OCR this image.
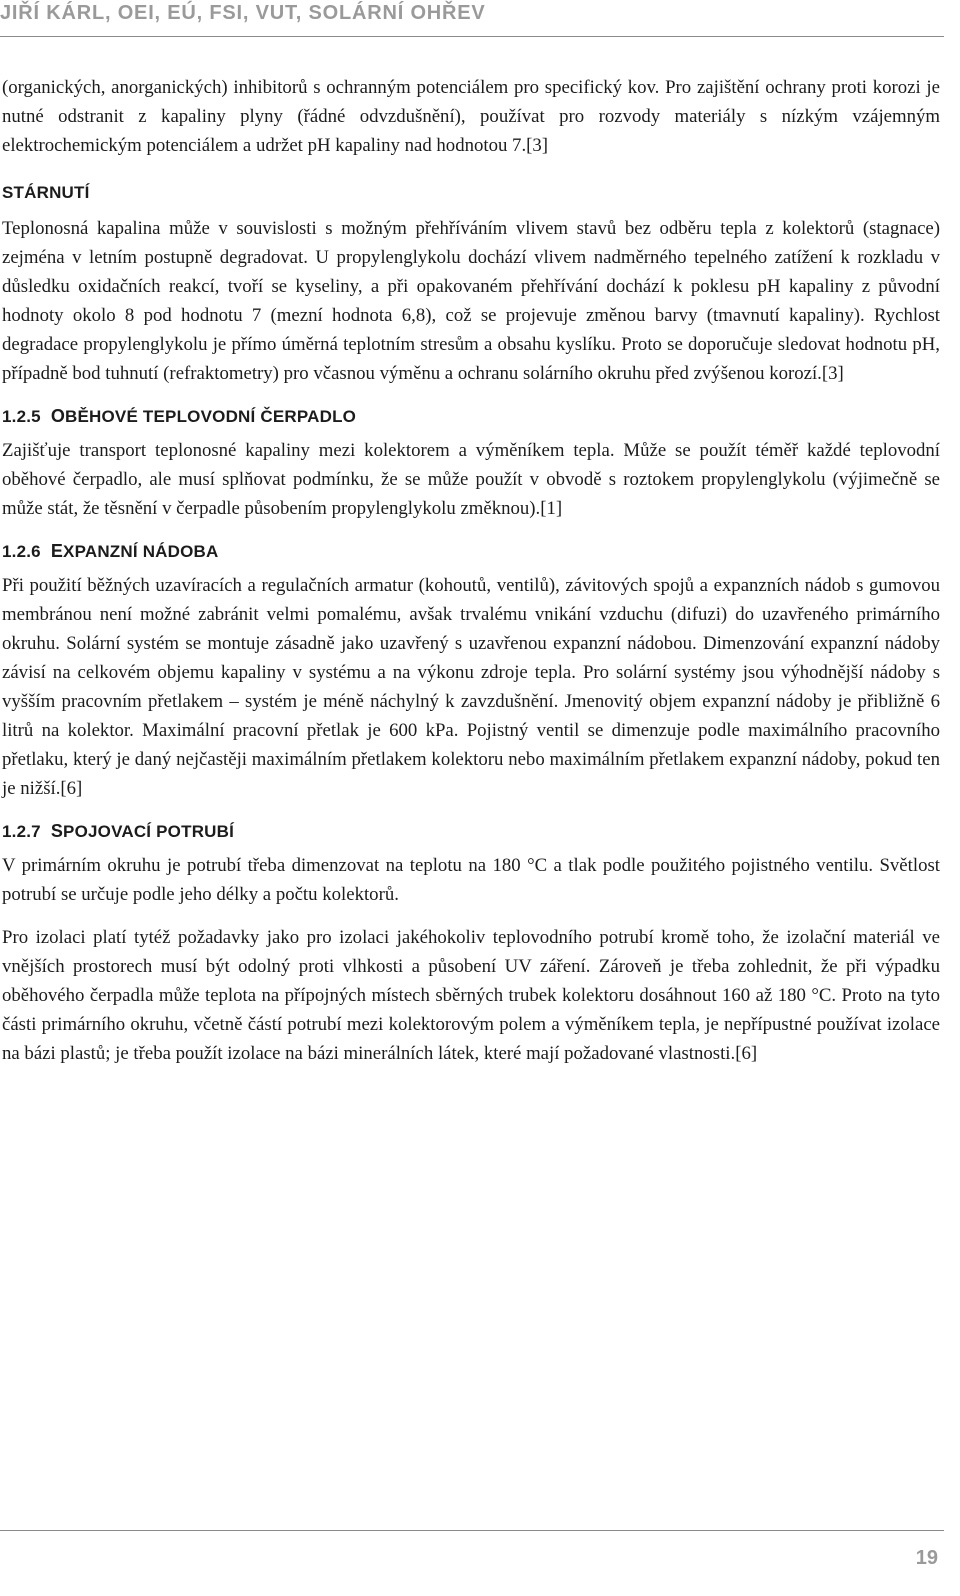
JIŘÍ KÁRL, OEI, EÚ, FSI, VUT, SOLÁRNÍ OHŘEV

(organických, anorganických) inhibitorů s ochranným potenciálem pro specifický kov. Pro zajištění ochrany proti korozi je nutné odstranit z kapaliny plyny (řádné odvzdušnění), používat pro rozvody materiály s nízkým vzájemným elektrochemickým potenciálem a udržet pH kapaliny nad hodnotou 7.[3]

STÁRNUTÍ

Teplonosná kapalina může v souvislosti s možným přehříváním vlivem stavů bez odběru tepla z kolektorů (stagnace) zejména v letním postupně degradovat. U propylenglykolu dochází vlivem nadměrného tepelného zatížení k rozkladu v důsledku oxidačních reakcí, tvoří se kyseliny, a při opakovaném přehřívání dochází k poklesu pH kapaliny z původní hodnoty okolo 8 pod hodnotu 7 (mezní hodnota 6,8), což se projevuje změnou barvy (tmavnutí kapaliny). Rychlost degradace propylenglykolu je přímo úměrná teplotním stresům a obsahu kyslíku. Proto se doporučuje sledovat hodnotu pH, případně bod tuhnutí (refraktometry) pro včasnou výměnu a ochranu solárního okruhu před zvýšenou korozí.[3]

1.2.5 OBĚHOVÉ TEPLOVODNÍ ČERPADLO

Zajišťuje transport teplonosné kapaliny mezi kolektorem a výměníkem tepla. Může se použít téměř každé teplovodní oběhové čerpadlo, ale musí splňovat podmínku, že se může použít v obvodě s roztokem propylenglykolu (výjimečně se může stát, že těsnění v čerpadle působením propylenglykolu změknou).[1]

1.2.6 EXPANZNÍ NÁDOBA

Při použití běžných uzavíracích a regulačních armatur (kohoutů, ventilů), závitových spojů a expanzních nádob s gumovou membránou není možné zabránit velmi pomalému, avšak trvalému vnikání vzduchu (difuzi) do uzavřeného primárního okruhu. Solární systém se montuje zásadně jako uzavřený s uzavřenou expanzní nádobou. Dimenzování expanzní nádoby závisí na celkovém objemu kapaliny v systému a na výkonu zdroje tepla. Pro solární systémy jsou výhodnější nádoby s vyšším pracovním přetlakem – systém je méně náchylný k zavzdušnění. Jmenovitý objem expanzní nádoby je přibližně 6 litrů na kolektor. Maximální pracovní přetlak je 600 kPa. Pojistný ventil se dimenzuje podle maximálního pracovního přetlaku, který je daný nejčastěji maximálním přetlakem kolektoru nebo maximálním přetlakem expanzní nádoby, pokud ten je nižší.[6]

1.2.7 SPOJOVACÍ POTRUBÍ

V primárním okruhu je potrubí třeba dimenzovat na teplotu na 180 °C a tlak podle použitého pojistného ventilu. Světlost potrubí se určuje podle jeho délky a počtu kolektorů.

Pro izolaci platí tytéž požadavky jako pro izolaci jakéhokoliv teplovodního potrubí kromě toho, že izolační materiál ve vnějších prostorech musí být odolný proti vlhkosti a působení UV záření. Zároveň je třeba zohlednit, že při výpadku oběhového čerpadla může teplota na přípojných místech sběrných trubek kolektoru dosáhnout 160 až 180 °C. Proto na tyto části primárního okruhu, včetně částí potrubí mezi kolektorovým polem a výměníkem tepla, je nepřípustné používat izolace na bázi plastů; je třeba použít izolace na bázi minerálních látek, které mají požadované vlastnosti.[6]

19
